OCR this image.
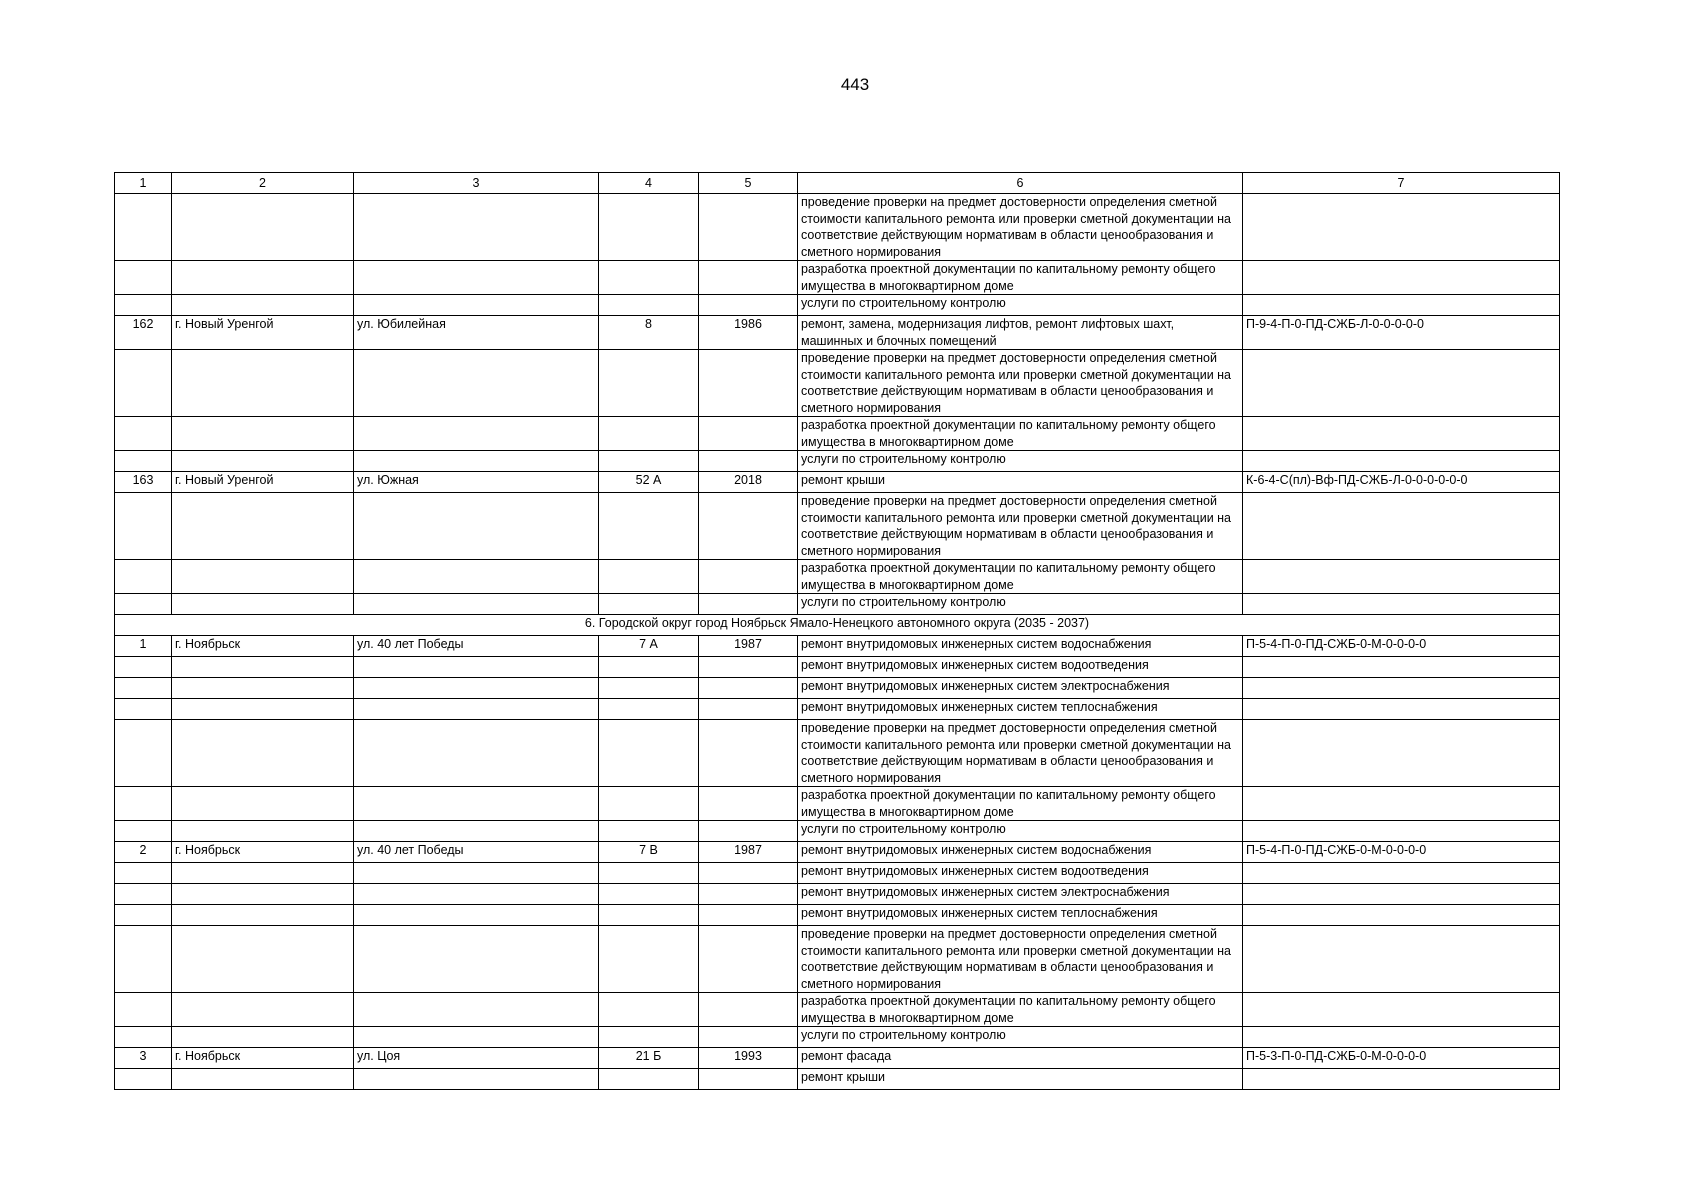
443
1	2	3	4	5	6	7
					проведение проверки на предмет достоверности определения сметной стоимости капитального ремонта или проверки сметной документации на соответствие действующим нормативам в области ценообразования и сметного нормирования	
					разработка проектной документации по капитальному ремонту общего имущества в многоквартирном доме	
					услуги по строительному контролю	
162	г. Новый Уренгой	ул. Юбилейная	8	1986	ремонт, замена, модернизация лифтов, ремонт лифтовых шахт, машинных и блочных помещений	П-9-4-П-0-ПД-СЖБ-Л-0-0-0-0-0
					проведение проверки на предмет достоверности определения сметной стоимости капитального ремонта или проверки сметной документации на соответствие действующим нормативам в области ценообразования и сметного нормирования	
					разработка проектной документации по капитальному ремонту общего имущества в многоквартирном доме	
					услуги по строительному контролю	
163	г. Новый Уренгой	ул. Южная	52 А	2018	ремонт крыши	К-6-4-С(пл)-Вф-ПД-СЖБ-Л-0-0-0-0-0-0
					проведение проверки на предмет достоверности определения сметной стоимости капитального ремонта или проверки сметной документации на соответствие действующим нормативам в области ценообразования и сметного нормирования	
					разработка проектной документации по капитальному ремонту общего имущества в многоквартирном доме	
					услуги по строительному контролю	
6. Городской округ город Ноябрьск Ямало-Ненецкого автономного округа (2035 - 2037)						
1	г. Ноябрьск	ул. 40 лет Победы	7 А	1987	ремонт внутридомовых инженерных систем водоснабжения	П-5-4-П-0-ПД-СЖБ-0-М-0-0-0-0
					ремонт внутридомовых инженерных систем водоотведения	
					ремонт внутридомовых инженерных систем электроснабжения	
					ремонт внутридомовых инженерных систем теплоснабжения	
					проведение проверки на предмет достоверности определения сметной стоимости капитального ремонта или проверки сметной документации на соответствие действующим нормативам в области ценообразования и сметного нормирования	
					разработка проектной документации по капитальному ремонту общего имущества в многоквартирном доме	
					услуги по строительному контролю	
2	г. Ноябрьск	ул. 40 лет Победы	7 В	1987	ремонт внутридомовых инженерных систем водоснабжения	П-5-4-П-0-ПД-СЖБ-0-М-0-0-0-0
					ремонт внутридомовых инженерных систем водоотведения	
					ремонт внутридомовых инженерных систем электроснабжения	
					ремонт внутридомовых инженерных систем теплоснабжения	
					проведение проверки на предмет достоверности определения сметной стоимости капитального ремонта или проверки сметной документации на соответствие действующим нормативам в области ценообразования и сметного нормирования	
					разработка проектной документации по капитальному ремонту общего имущества в многоквартирном доме	
					услуги по строительному контролю	
3	г. Ноябрьск	ул. Цоя	21 Б	1993	ремонт фасада	П-5-3-П-0-ПД-СЖБ-0-М-0-0-0-0
					ремонт крыши	
